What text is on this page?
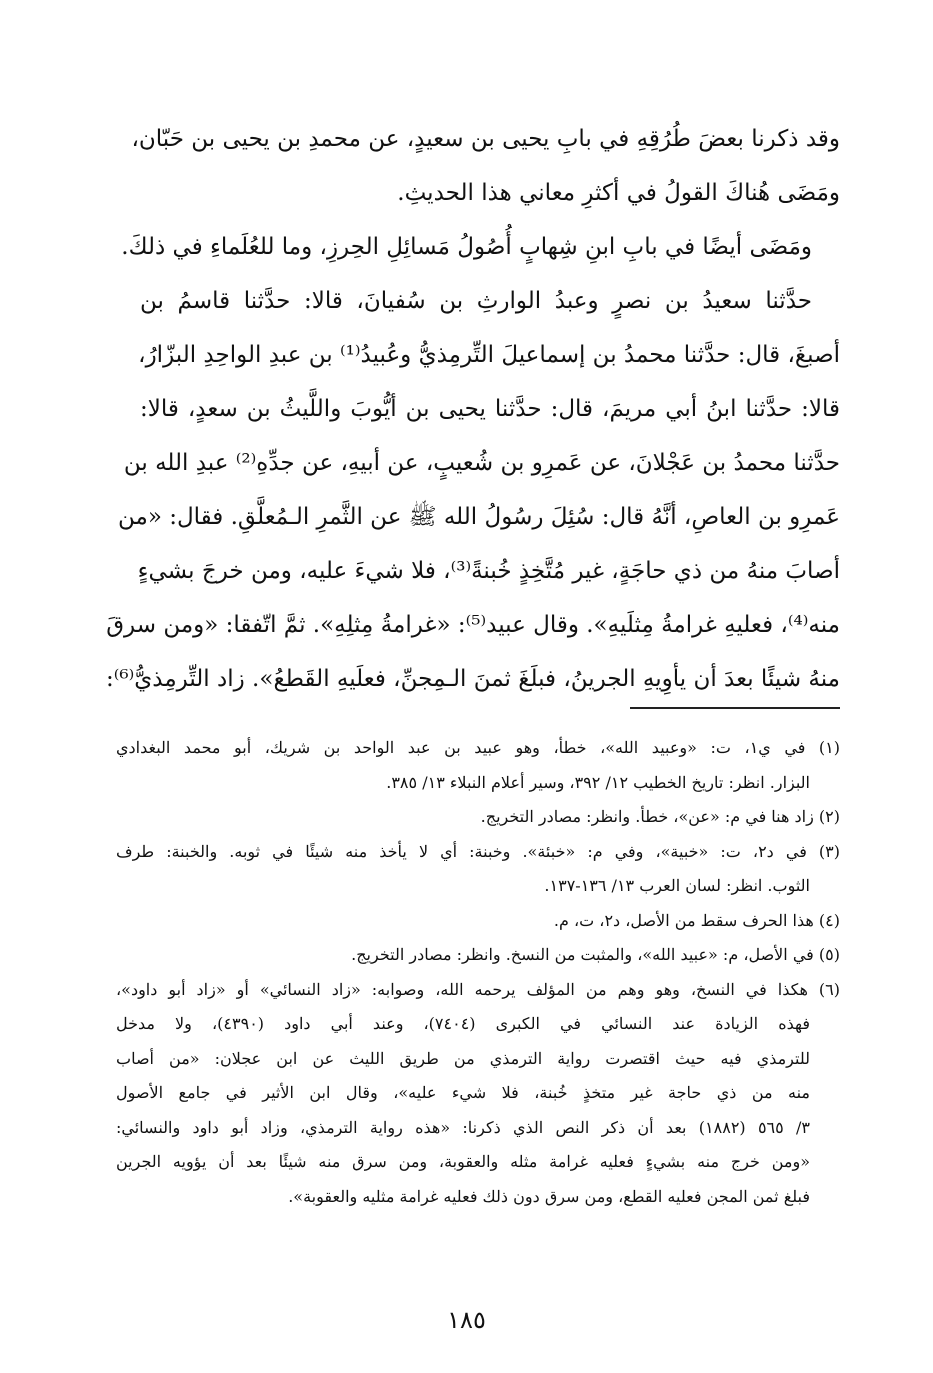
وقد ذكرنا بعضَ طُرُقِهِ في بابِ يحيى بن سعيدٍ، عن محمدِ بن يحيى بن حَبّان،
ومَضَى هُناكَ القولُ في أكثرِ معاني هذا الحديثِ.
ومَضَى أيضًا في بابِ ابنِ شِهابٍ أُصُولُ مَسائِلِ الحِرزِ، وما للعُلَماءِ في ذلكَ.
حدَّثنا سعيدُ بن نصرٍ وعبدُ الوارثِ بن سُفيانَ، قالا: حدَّثنا قاسمُ بن
أصبغَ، قال: حدَّثنا محمدُ بن إسماعيلَ التِّرمِذيُّ وعُبيدُ⁽¹⁾ بن عبدِ الواحِدِ البزّارُ،
قالا: حدَّثنا ابنُ أبي مريمَ، قال: حدَّثنا يحيى بن أيُّوبَ واللَّيثُ بن سعدٍ، قالا:
حدَّثنا محمدُ بن عَجْلانَ، عن عَمرِو بن شُعيبٍ، عن أبيهِ، عن جدِّهِ⁽²⁾ عبدِ الله بن
عَمرِو بن العاصِ، أنَّهُ قال: سُئِلَ رسُولُ الله ﷺ عن الثَّمرِ الـمُعلَّقِ. فقال: «من
أصابَ منهُ من ذي حاجَةٍ، غير مُتَّخِذٍ خُبنةً⁽³⁾، فلا شيءَ عليه، ومن خرجَ بشيءٍ
منه⁽⁴⁾، فعليهِ غرامةُ مِثلَيهِ». وقال عبيد⁽⁵⁾: «غرامةُ مِثلِهِ». ثمَّ اتّفقا: «ومن سرقَ
منهُ شيئًا بعدَ أن يأوِيهِ الجرينُ، فبلَغَ ثمنَ الـمِجنِّ، فعلَيهِ القَطعُ». زاد التِّرمِذيُّ⁽⁶⁾:
(١) في ي١، ت: «وعبيد الله»، خطأ، وهو عبيد بن عبد الواحد بن شريك، أبو محمد البغدادي
البزار. انظر: تاريخ الخطيب ١٢/ ٣٩٢، وسير أعلام النبلاء ١٣/ ٣٨٥.
(٢) زاد هنا في م: «عن»، خطأ. وانظر: مصادر التخريج.
(٣) في د٢، ت: «خبية»، وفي م: «خبئة». وخبنة: أي لا يأخذ منه شيئًا في ثوبه. والخبنة: طرف
الثوب. انظر: لسان العرب ١٣/ ١٣٦-١٣٧.
(٤) هذا الحرف سقط من الأصل، د٢، ت، م.
(٥) في الأصل، م: «عبيد الله»، والمثبت من النسخ. وانظر: مصادر التخريج.
(٦) هكذا في النسخ، وهو وهم من المؤلف يرحمه الله، وصوابه: «زاد النسائي» أو «زاد أبو داود»،
فهذه الزيادة عند النسائي في الكبرى (٧٤٠٤)، وعند أبي داود (٤٣٩٠)، ولا مدخل
للترمذي فيه حيث اقتصرت رواية الترمذي من طريق الليث عن ابن عجلان: «من أصاب
منه من ذي حاجة غير متخذٍ خُبنة، فلا شيء عليه»، وقال ابن الأثير في جامع الأصول
٣/ ٥٦٥ (١٨٨٢) بعد أن ذكر النص الذي ذكرنا: «هذه رواية الترمذي، وزاد أبو داود والنسائي:
«ومن خرج منه بشيءٍ فعليه غرامة مثله والعقوبة، ومن سرق منه شيئًا بعد أن يؤويه الجرين
فبلغ ثمن المجن فعليه القطع، ومن سرق دون ذلك فعليه غرامة مثليه والعقوبة».
١٨٥
